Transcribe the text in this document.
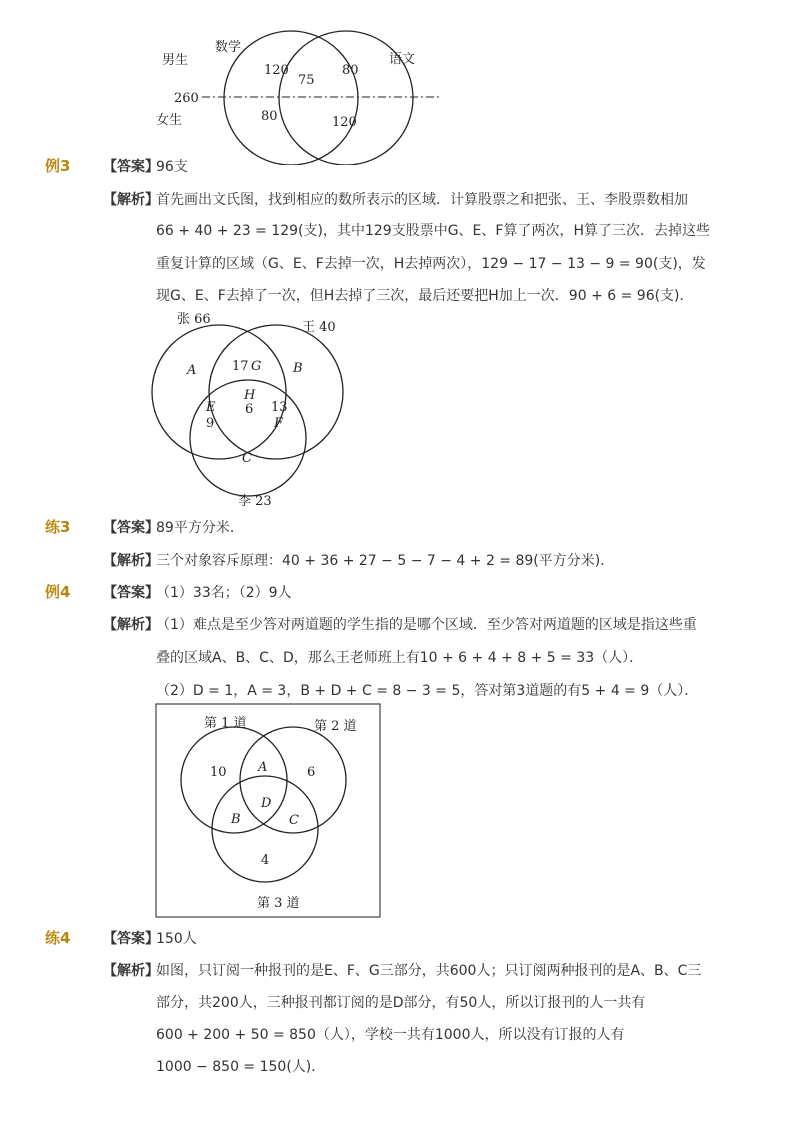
男生
女生
数学
语文
260
120
75
80
80	120
例3 【答案】
96支
【解析】
首先画出文氏图，找到相应的数所表示的区域．计算股票之和把张、王、李股票数相加
66 + 40 + 23 = 129(支)，其中129支股票中G、E、F算了两次，H算了三次．去掉这些
重复计算的区域（G、E、F去掉一次，H去掉两次），129 − 17 − 13 − 9 = 90(支)，发
现G、E、F去掉了一次，但H去掉了三次，最后还要把H加上一次．90 + 6 = 96(支)．
张 66
王 40
李 23
A	B
C
17 G
H
6
E
9
13
F
练3 【答案】
89平方分米．
【解析】
三个对象容斥原理：40 + 36 + 27 − 5 − 7 − 4 + 2 = 89(平方分米)．
例4 【答案】
（1）33名；（2）9人
【解析】
（1）难点是至少答对两道题的学生指的是哪个区域．至少答对两道题的区域是指这些重
叠的区域A、B、C、D，那么王老师班上有10 + 6 + 4 + 8 + 5 = 33（人）．
（2）D = 1，A = 3，B + D + C = 8 − 3 = 5，答对第3道题的有5 + 4 = 9（人）．
第 1 道	第 2 道
第 3 道
10	6
4
A
D
B	C
练4 【答案】
150人
【解析】
如图，只订阅一种报刊的是E、F、G三部分，共600人；只订阅两种报刊的是A、B、C三
部分，共200人，三种报刊都订阅的是D部分，有50人，所以订报刊的人一共有
600 + 200 + 50 = 850（人），学校一共有1000人，所以没有订报的人有
1000 − 850 = 150(人)．
